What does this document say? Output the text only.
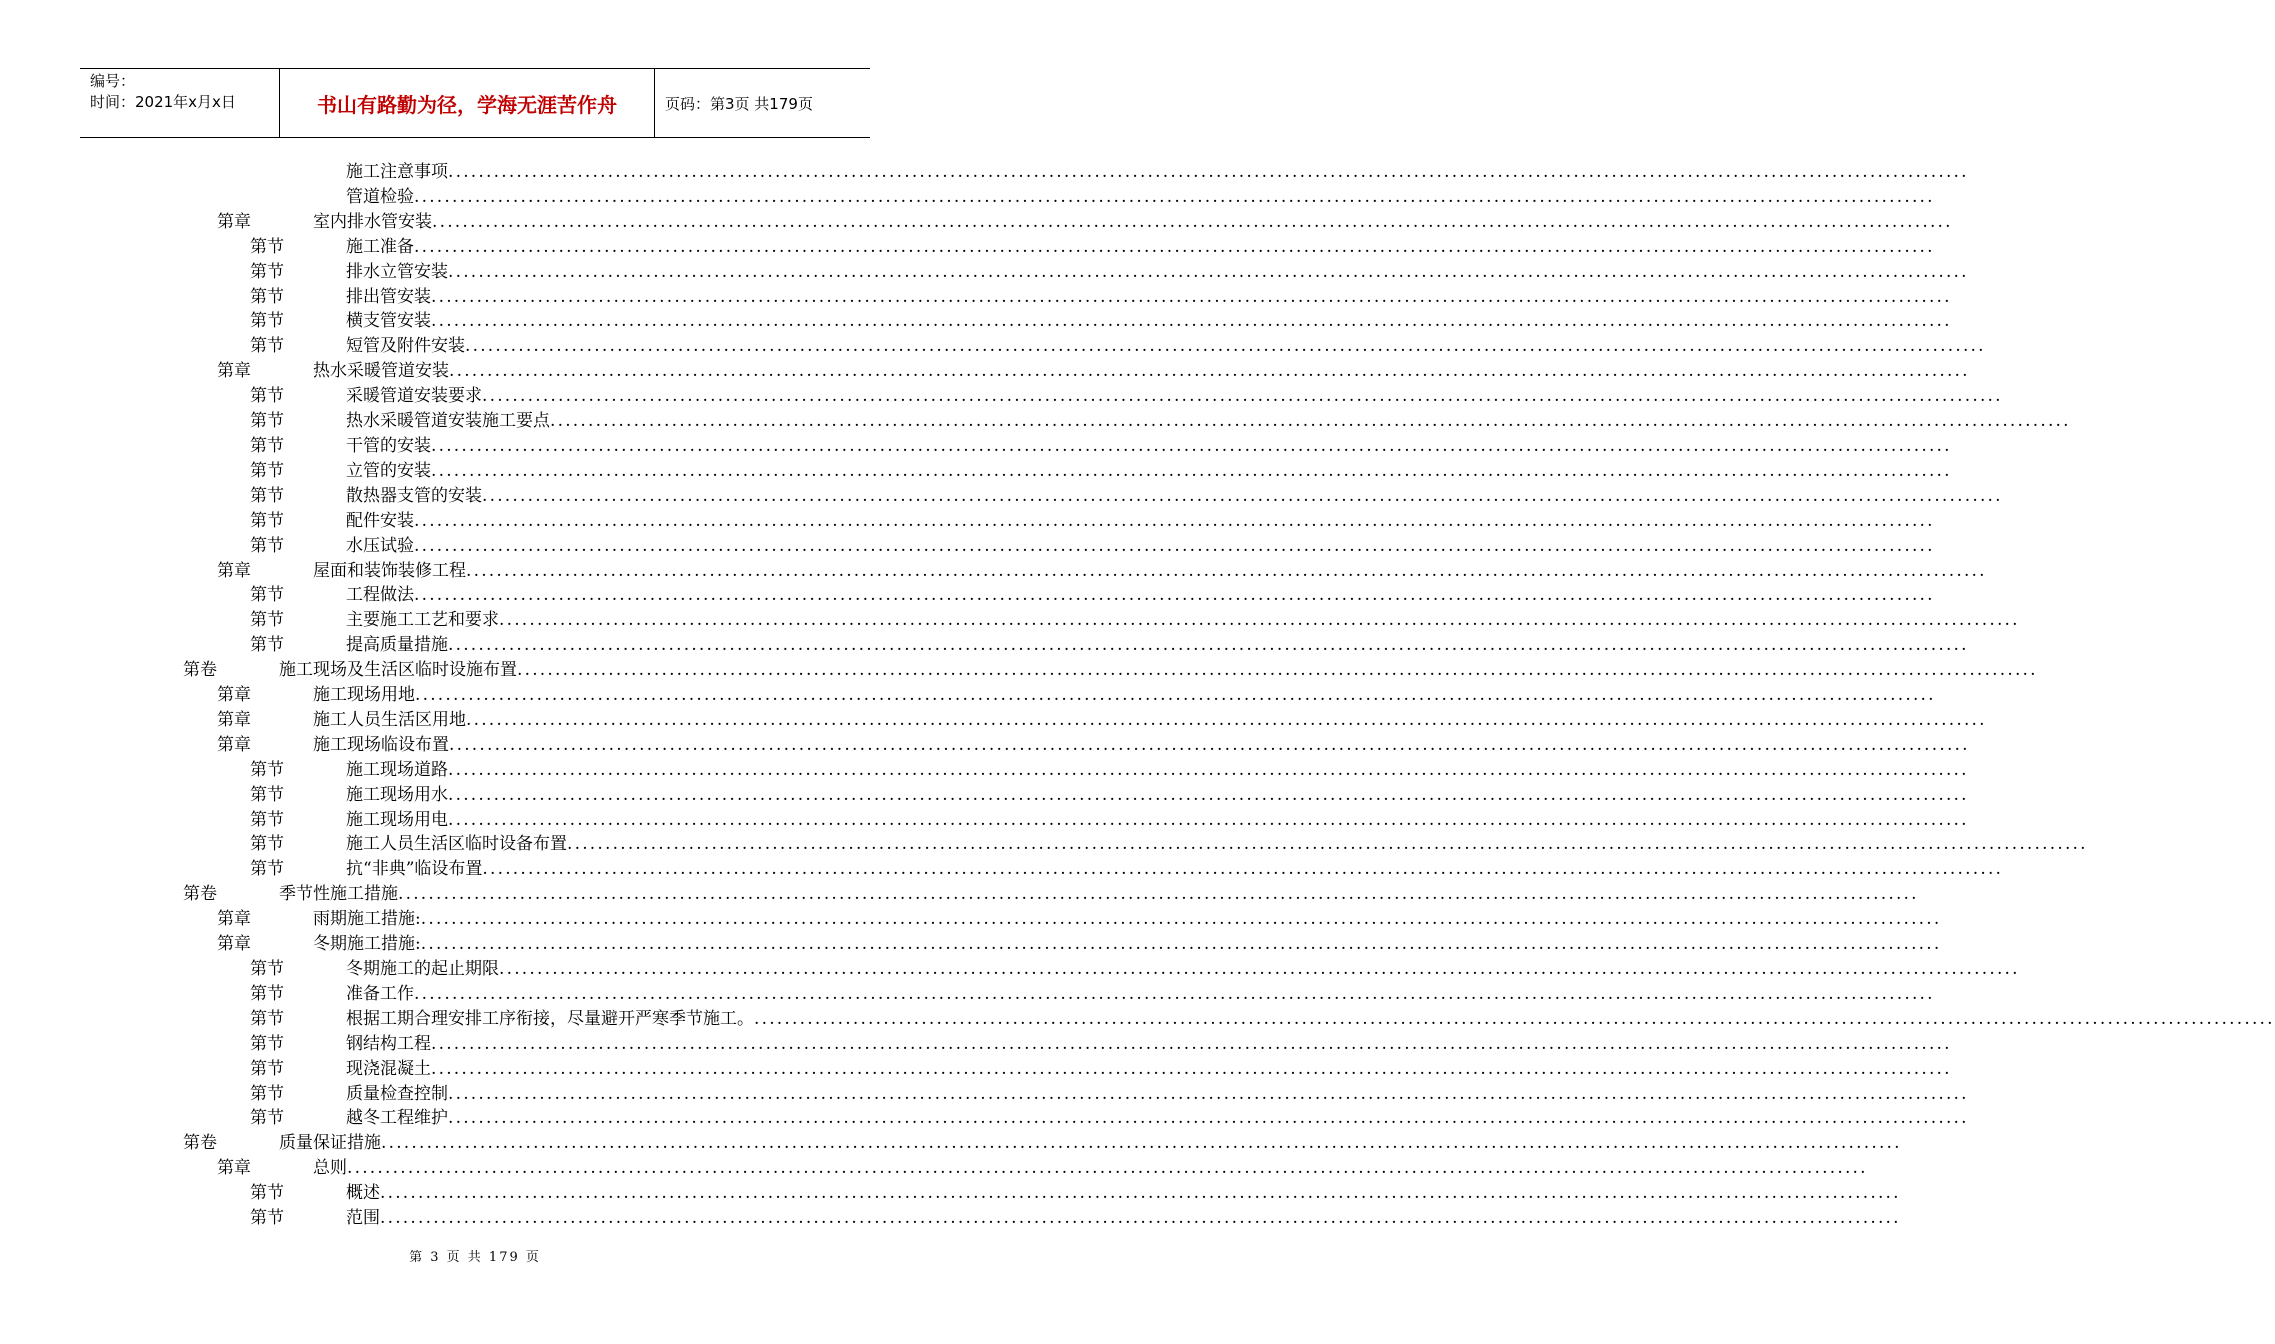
编号：
时间：2021年x月x日	书山有路勤为径，学海无涯苦作舟	页码：第3页 共179页
施工注意事项 ........................................................................................................................................................................................................
管道检验 ........................................................................................................................................................................................................
第章	室内排水管安装 ........................................................................................................................................................................................................
第节	施工准备 ........................................................................................................................................................................................................
第节	排水立管安装 ........................................................................................................................................................................................................
第节	排出管安装 ........................................................................................................................................................................................................
第节	横支管安装 ........................................................................................................................................................................................................
第节	短管及附件安装 ........................................................................................................................................................................................................
第章	热水采暖管道安装 ........................................................................................................................................................................................................
第节	采暖管道安装要求 ........................................................................................................................................................................................................
第节	热水采暖管道安装施工要点 ........................................................................................................................................................................................................
第节	干管的安装 ........................................................................................................................................................................................................
第节	立管的安装 ........................................................................................................................................................................................................
第节	散热器支管的安装 ........................................................................................................................................................................................................
第节	配件安装 ........................................................................................................................................................................................................
第节	水压试验 ........................................................................................................................................................................................................
第章	屋面和装饰装修工程 ........................................................................................................................................................................................................
第节	工程做法 ........................................................................................................................................................................................................
第节	主要施工工艺和要求 ........................................................................................................................................................................................................
第节	提高质量措施 ........................................................................................................................................................................................................
第卷	施工现场及生活区临时设施布置 ........................................................................................................................................................................................................
第章	施工现场用地 ........................................................................................................................................................................................................
第章	施工人员生活区用地 ........................................................................................................................................................................................................
第章	施工现场临设布置 ........................................................................................................................................................................................................
第节	施工现场道路 ........................................................................................................................................................................................................
第节	施工现场用水 ........................................................................................................................................................................................................
第节	施工现场用电 ........................................................................................................................................................................................................
第节	施工人员生活区临时设备布置 ........................................................................................................................................................................................................
第节	抗“非典”临设布置 ........................................................................................................................................................................................................
第卷	季节性施工措施 ........................................................................................................................................................................................................
第章	雨期施工措施: ........................................................................................................................................................................................................
第章	冬期施工措施: ........................................................................................................................................................................................................
第节	冬期施工的起止期限 ........................................................................................................................................................................................................
第节	准备工作 ........................................................................................................................................................................................................
第节	根据工期合理安排工序衔接，尽量避开严寒季节施工。 ........................................................................................................................................................................................................
第节	钢结构工程 ........................................................................................................................................................................................................
第节	现浇混凝土 ........................................................................................................................................................................................................
第节	质量检查控制 ........................................................................................................................................................................................................
第节	越冬工程维护 ........................................................................................................................................................................................................
第卷	质量保证措施 ........................................................................................................................................................................................................
第章	总则 ........................................................................................................................................................................................................
第节	概述 ........................................................................................................................................................................................................
第节	范围 ........................................................................................................................................................................................................
第 3 页 共 179 页
